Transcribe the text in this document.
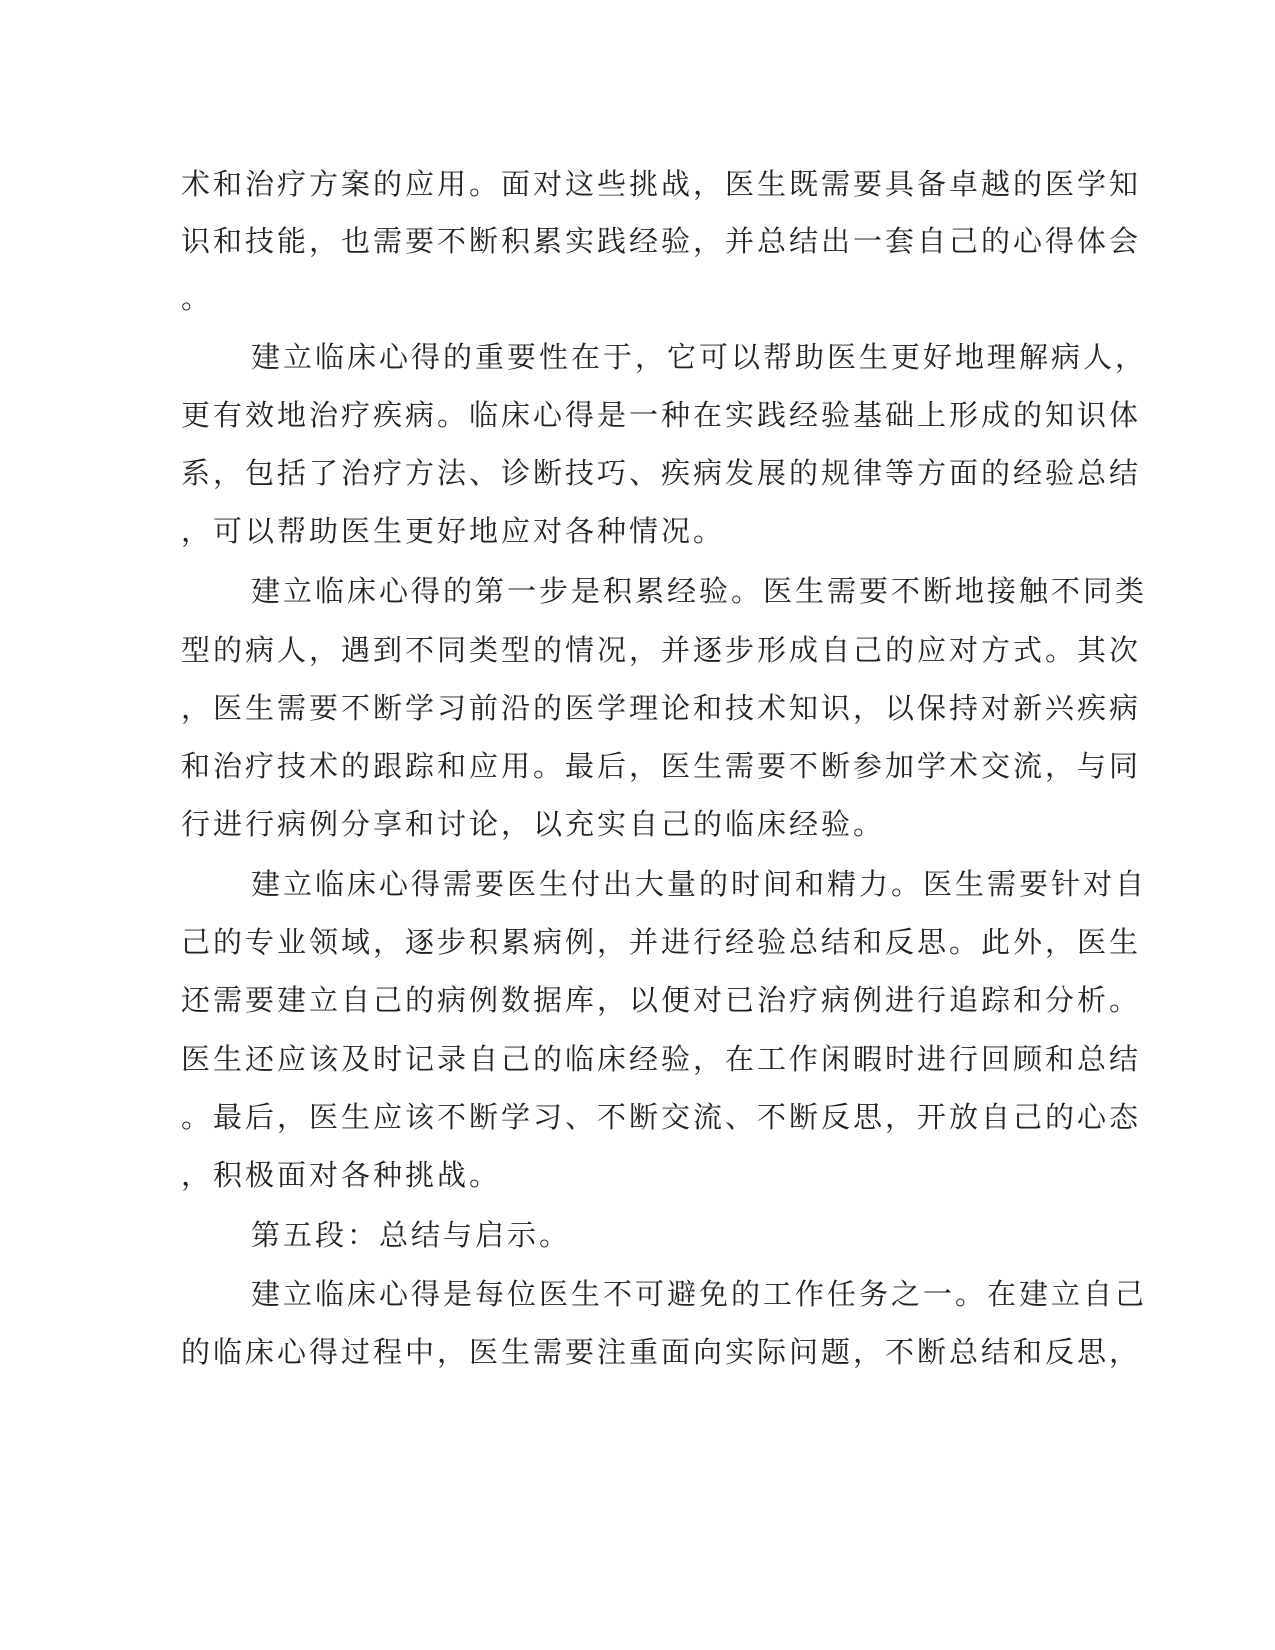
术和治疗方案的应用。面对这些挑战，医生既需要具备卓越的医学知
识和技能，也需要不断积累实践经验，并总结出一套自己的心得体会
。
建立临床心得的重要性在于，它可以帮助医生更好地理解病人，
更有效地治疗疾病。临床心得是一种在实践经验基础上形成的知识体
系，包括了治疗方法、诊断技巧、疾病发展的规律等方面的经验总结
，可以帮助医生更好地应对各种情况。
建立临床心得的第一步是积累经验。医生需要不断地接触不同类
型的病人，遇到不同类型的情况，并逐步形成自己的应对方式。其次
，医生需要不断学习前沿的医学理论和技术知识，以保持对新兴疾病
和治疗技术的跟踪和应用。最后，医生需要不断参加学术交流，与同
行进行病例分享和讨论，以充实自己的临床经验。
建立临床心得需要医生付出大量的时间和精力。医生需要针对自
己的专业领域，逐步积累病例，并进行经验总结和反思。此外，医生
还需要建立自己的病例数据库，以便对已治疗病例进行追踪和分析。
医生还应该及时记录自己的临床经验，在工作闲暇时进行回顾和总结
。最后，医生应该不断学习、不断交流、不断反思，开放自己的心态
，积极面对各种挑战。
第五段：总结与启示。
建立临床心得是每位医生不可避免的工作任务之一。在建立自己
的临床心得过程中，医生需要注重面向实际问题，不断总结和反思，
